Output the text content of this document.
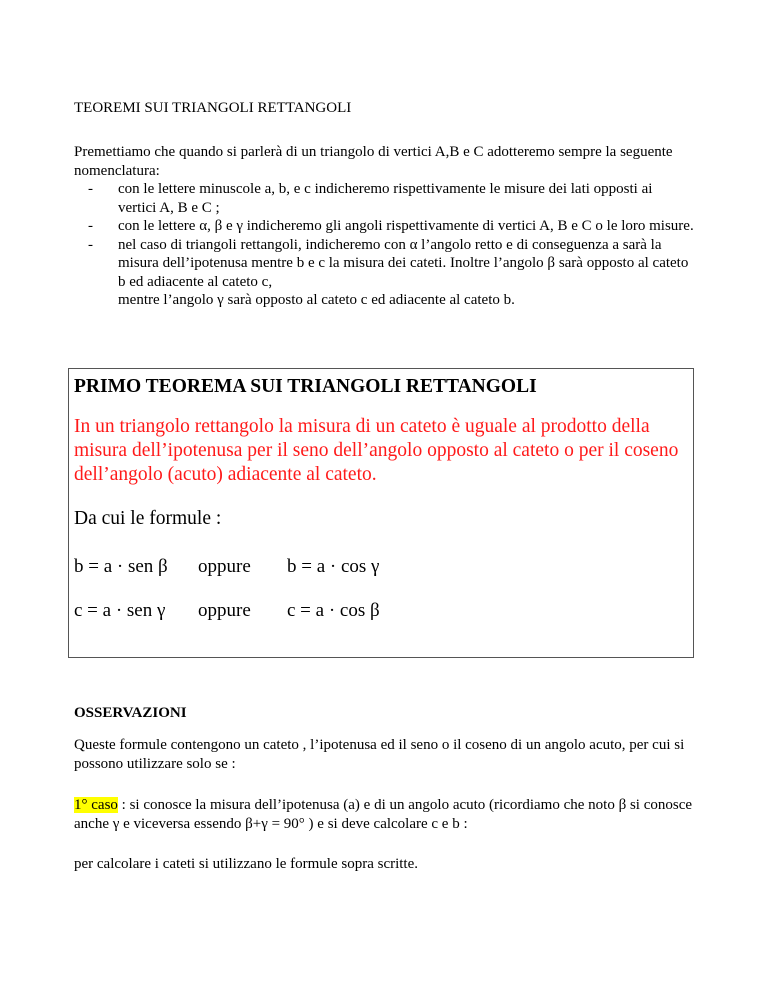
TEOREMI SUI TRIANGOLI RETTANGOLI

Premettiamo che quando si parlerà di un triangolo di vertici A,B e C adotteremo sempre la seguente nomenclatura:

- con le lettere minuscole a, b, e c indicheremo rispettivamente le misure dei lati opposti ai vertici A, B e C ;
- con le lettere α, β e γ indicheremo gli angoli rispettivamente di vertici A, B e C o le loro misure.
- nel caso di triangoli rettangoli, indicheremo con α l’angolo retto e di conseguenza a sarà la misura dell’ipotenusa mentre b e c la misura dei cateti. Inoltre l’angolo β sarà opposto al cateto b ed adiacente al cateto c,
mentre l’angolo γ sarà opposto al cateto c ed adiacente al cateto b.
PRIMO TEOREMA SUI TRIANGOLI RETTANGOLI
In un triangolo rettangolo la misura di un cateto è uguale al prodotto della misura dell’ipotenusa per il seno dell’angolo opposto al cateto o per il coseno dell’angolo (acuto) adiacente al cateto.
Da cui le formule :
b = a · sen β oppure b = a · cos γ
c = a · sen γ oppure c = a · cos β
OSSERVAZIONI
Queste formule contengono un cateto , l’ipotenusa ed il seno o il coseno di un angolo acuto, per cui si possono utilizzare solo se :
1° caso : si conosce la misura dell’ipotenusa (a) e di un angolo acuto (ricordiamo che noto β si conosce anche γ e viceversa essendo β+γ = 90° ) e si deve calcolare c e b :
per calcolare i cateti si utilizzano le formule sopra scritte.
